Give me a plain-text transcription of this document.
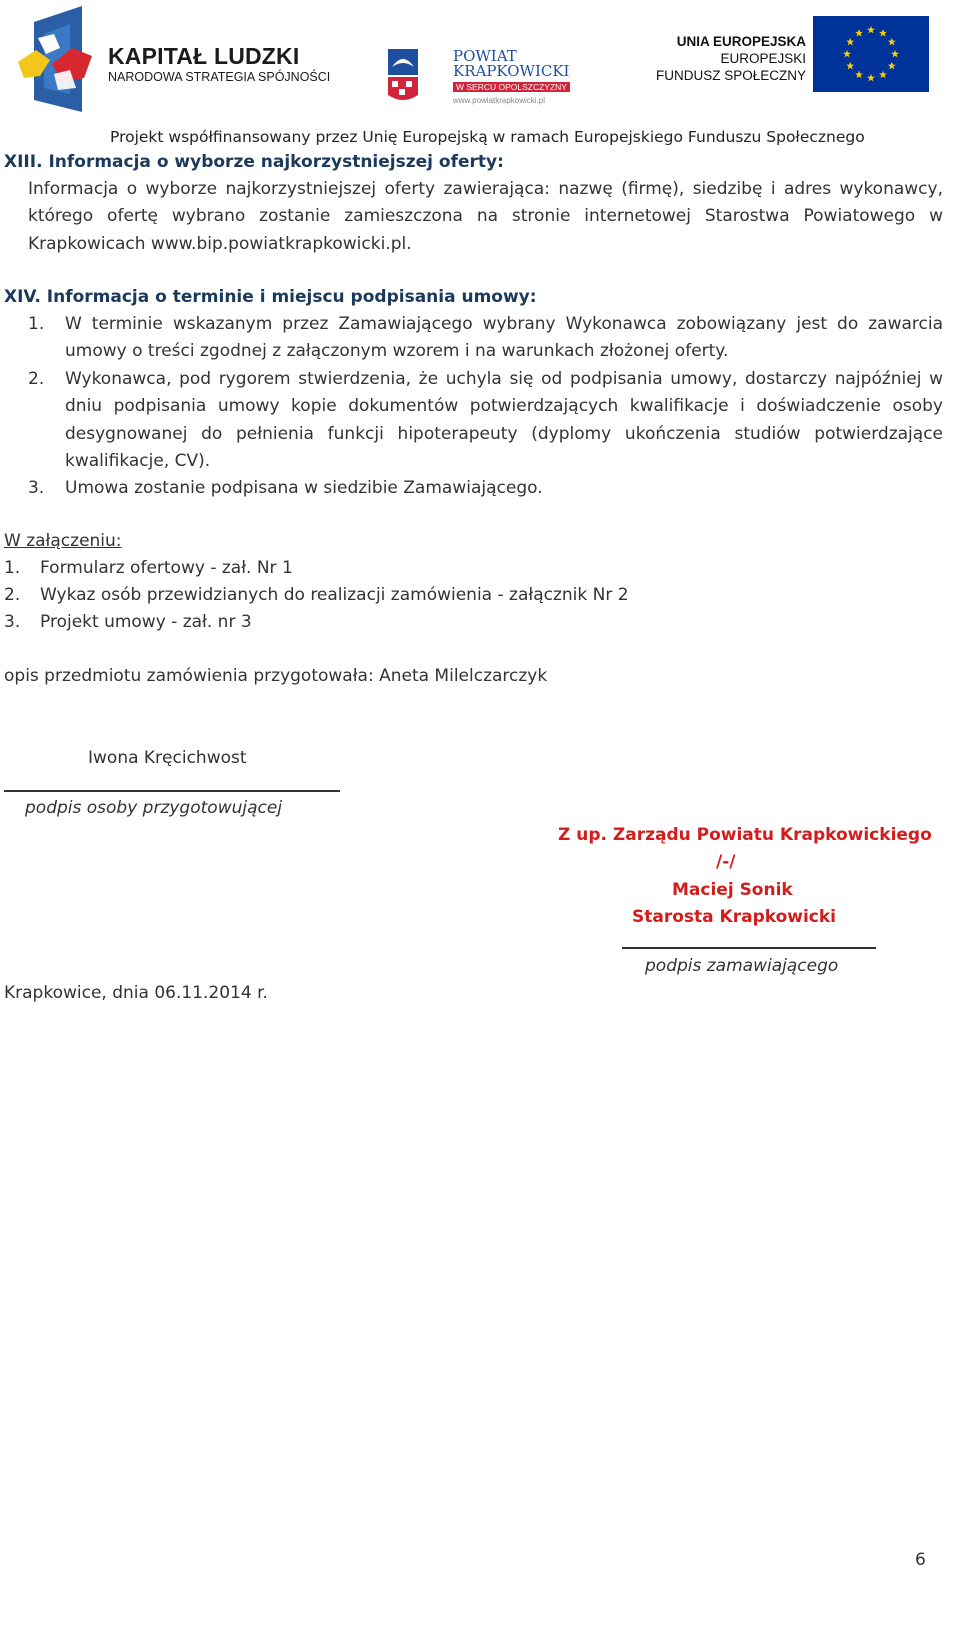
KAPITAŁ LUDZKI
NARODOWA STRATEGIA SPÓJNOŚCI
POWIAT
KRAPKOWICKI
W SERCU OPOLSZCZYZNY
www.powiatkrapkowicki.pl
UNIA EUROPEJSKA
EUROPEJSKI
FUNDUSZ SPOŁECZNY
Projekt współfinansowany przez Unię Europejską w ramach Europejskiego Funduszu Społecznego
XIII. Informacja o wyborze najkorzystniejszej oferty:
Informacja o wyborze najkorzystniejszej oferty zawierająca: nazwę (firmę), siedzibę i adres wykonawcy, którego ofertę wybrano zostanie zamieszczona na stronie internetowej Starostwa Powiatowego w Krapkowicach www.bip.powiatkrapkowicki.pl.
XIV. Informacja o terminie i miejscu podpisania umowy:
1. W terminie wskazanym przez Zamawiającego wybrany Wykonawca zobowiązany jest do zawarcia umowy o treści zgodnej z załączonym wzorem i na warunkach złożonej oferty.
2. Wykonawca, pod rygorem stwierdzenia, że uchyla się od podpisania umowy, dostarczy najpóźniej w dniu podpisania umowy kopie dokumentów potwierdzających kwalifikacje i doświadczenie osoby desygnowanej do pełnienia funkcji hipoterapeuty (dyplomy ukończenia studiów potwierdzające kwalifikacje, CV).
3. Umowa zostanie podpisana w siedzibie Zamawiającego.
W załączeniu:
1. Formularz ofertowy - zał. Nr 1
2. Wykaz osób przewidzianych do realizacji zamówienia - załącznik Nr 2
3. Projekt umowy - zał. nr 3
opis przedmiotu zamówienia przygotowała: Aneta Milelczarczyk
Iwona Kręcichwost
podpis osoby przygotowującej
Z up. Zarządu Powiatu Krapkowickiego
/-/
Maciej Sonik
Starosta Krapkowicki
podpis zamawiającego
Krapkowice, dnia 06.11.2014 r.
6
